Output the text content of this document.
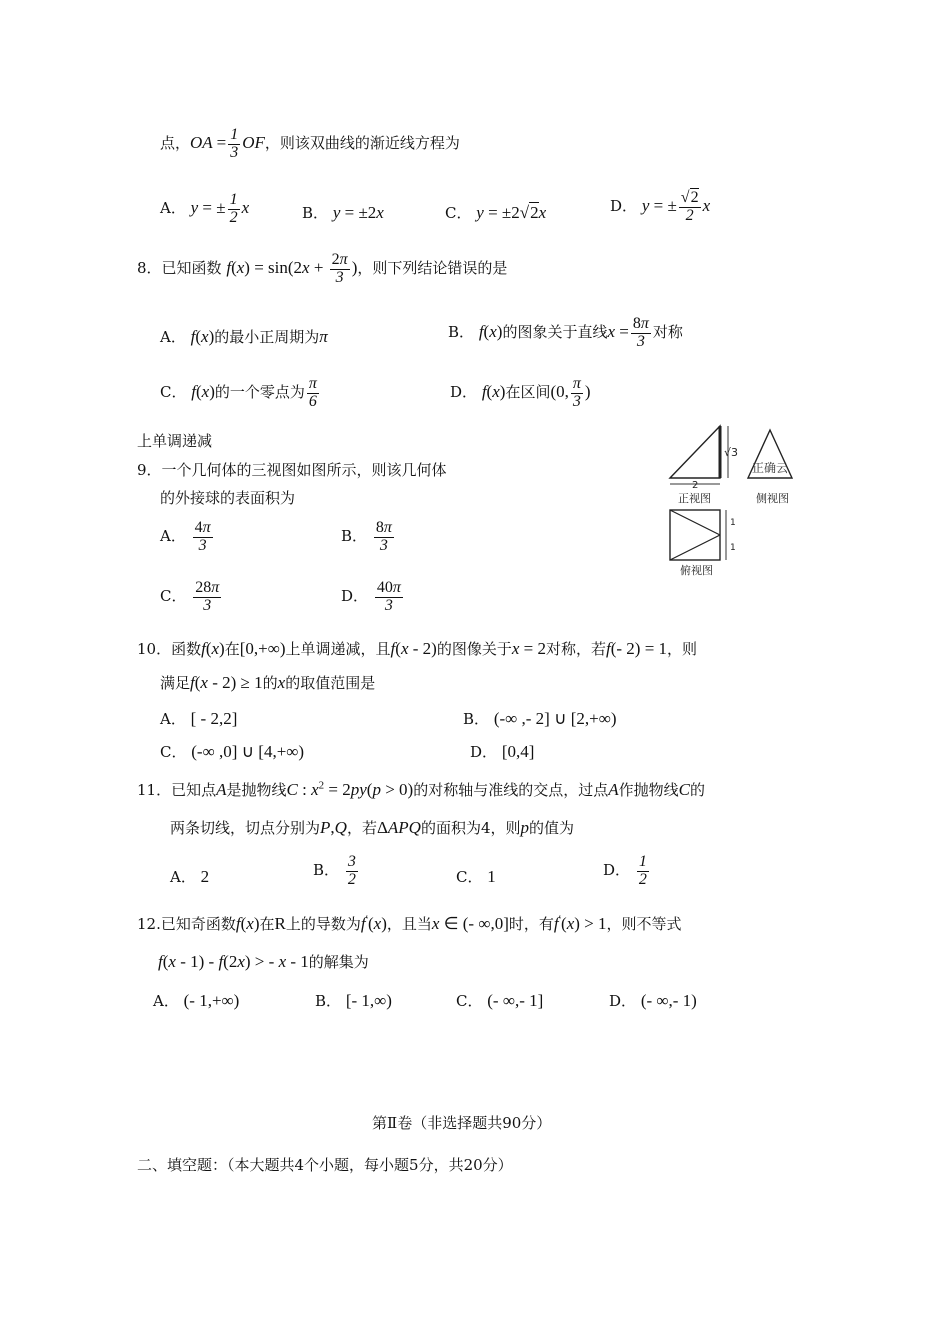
点，OA = $\frac{1}{3}$ OF，则该双曲线的渐近线方程为
A． y = ± $\frac{1}{2}$ x	B． y = ±2x	C． y = ±2√2x	D． y = ± $\frac{√2}{2}$ x
8．已知函数 $f(x) = \sin(2x + \frac{2\pi}{3}$ )，则下列结论错误的是
A． f(x)的最小正周期为π	B． f(x)的图象关于直线$x = \frac{8\pi}{3}$ 对称
C． f(x)的一个零点为 $\frac{\pi}{6}$	D． f(x)在区间(0, $\frac{\pi}{3}$ )
上单调递减
9．一个几何体的三视图如图所示，则该几何体
的外接球的表面积为
A． $\frac{4\pi}{3}$	B． $\frac{8\pi}{3}$
C． $\frac{28\pi}{3}$	D． $\frac{40\pi}{3}$
√3
2
正视图
正确云
侧视图
1
1
俯视图
10．函数f(x)在[0,+∞)上单调递减，且f(x - 2)的图像关于x = 2对称，若f(- 2) = 1，则
满足f(x - 2) ≥ 1的x的取值范围是
A． [ - 2,2]	B． (-∞ ,- 2] ∪ [2,+∞)
C． (-∞ ,0] ∪ [4,+∞)	D． [0,4]
11．已知点A是抛物线C : $x^2 = 2py(p > 0)$的对称轴与准线的交点，过点A作抛物线C的
两条切线，切点分别为P,Q，若ΔAPQ的面积为4，则p的值为
A． 2	B． $\frac{3}{2}$	C． 1	D． $\frac{1}{2}$
12.已知奇函数f(x)在R上的导数为f′(x)，且当x ∈ (- ∞,0]时，有f′(x) > 1，则不等式
f(x - 1) - f(2x) > - x - 1的解集为
A． (- 1,+∞)	B． [- 1,∞)	C． (- ∞,- 1]	D． (- ∞,- 1)
第Ⅱ卷（非选择题共90分）
二、填空题：（本大题共4个小题，每小题5分，共20分）
